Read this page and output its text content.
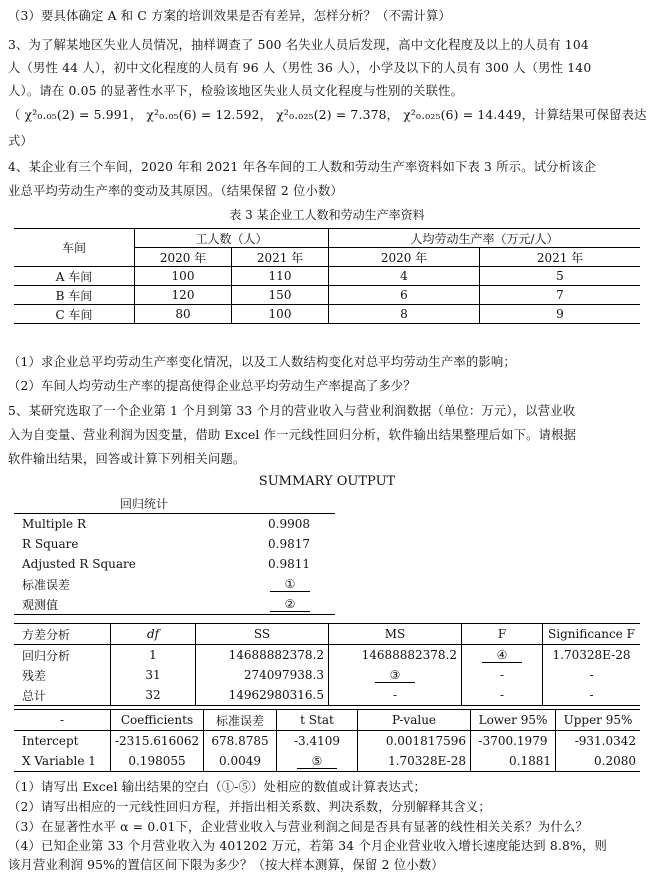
（3）要具体确定 A 和 C 方案的培训效果是否有差异，怎样分析？（不需计算）
3、为了解某地区失业人员情况，抽样调查了 500 名失业人员后发现，高中文化程度及以上的人员有 104
人（男性 44 人），初中文化程度的人员有 96 人（男性 36 人），小学及以下的人员有 300 人（男性 140
人）。请在 0.05 的显著性水平下，检验该地区失业人员文化程度与性别的关联性。
（ χ²₀.₀₅(2) = 5.991， χ²₀.₀₅(6) = 12.592， χ²₀.₀₂₅(2) = 7.378， χ²₀.₀₂₅(6) = 14.449，计算结果可保留表达
式）
4、某企业有三个车间，2020 年和 2021 年各车间的工人数和劳动生产率资料如下表 3 所示。试分析该企
业总平均劳动生产率的变动及其原因。（结果保留 2 位小数）
表 3 某企业工人数和劳动生产率资料
车间	工人数（人）		人均劳动生产率（万元/人）	
	2020 年	2021 年	2020 年	2021 年
A 车间	100	110	4	5
B 车间	120	150	6	7
C 车间	80	100	8	9
（1）求企业总平均劳动生产率变化情况，以及工人数结构变化对总平均劳动生产率的影响；
（2）车间人均劳动生产率的提高使得企业总平均劳动生产率提高了多少？
5、某研究选取了一个企业第 1 个月到第 33 个月的营业收入与营业利润数据（单位：万元），以营业收
入为自变量、营业利润为因变量，借助 Excel 作一元线性回归分析，软件输出结果整理后如下。请根据
软件输出结果，回答或计算下列相关问题。
SUMMARY OUTPUT
回归统计
Multiple R	0.9908
R Square	0.9817
Adjusted R Square	0.9811
标准误差	①
观测值	②
方差分析	df	SS	MS	F	Significance F
回归分析	1	14688882378.2	14688882378.2	④	1.70328E-28
残差	31	274097938.3	③	-	-
总计	32	14962980316.5	-	-	-
-	Coefficients	标准误差	t Stat	P-value	Lower 95%	Upper 95%
Intercept	-2315.616062	678.8785	-3.4109	0.001817596	-3700.1979	-931.0342
X Variable 1	0.198055	0.0049	⑤	1.70328E-28	0.1881	0.2080
（1）请写出 Excel 输出结果的空白（①-⑤）处相应的数值或计算表达式；
（2）请写出相应的一元线性回归方程，并指出相关系数、判决系数，分别解释其含义；
（3）在显著性水平 α = 0.01下，企业营业收入与营业利润之间是否具有显著的线性相关关系？为什么？
（4）已知企业第 33 个月营业收入为 401202 万元，若第 34 个月企业营业收入增长速度能达到 8.8%，则
该月营业利润 95%的置信区间下限为多少？（按大样本测算，保留 2 位小数）
